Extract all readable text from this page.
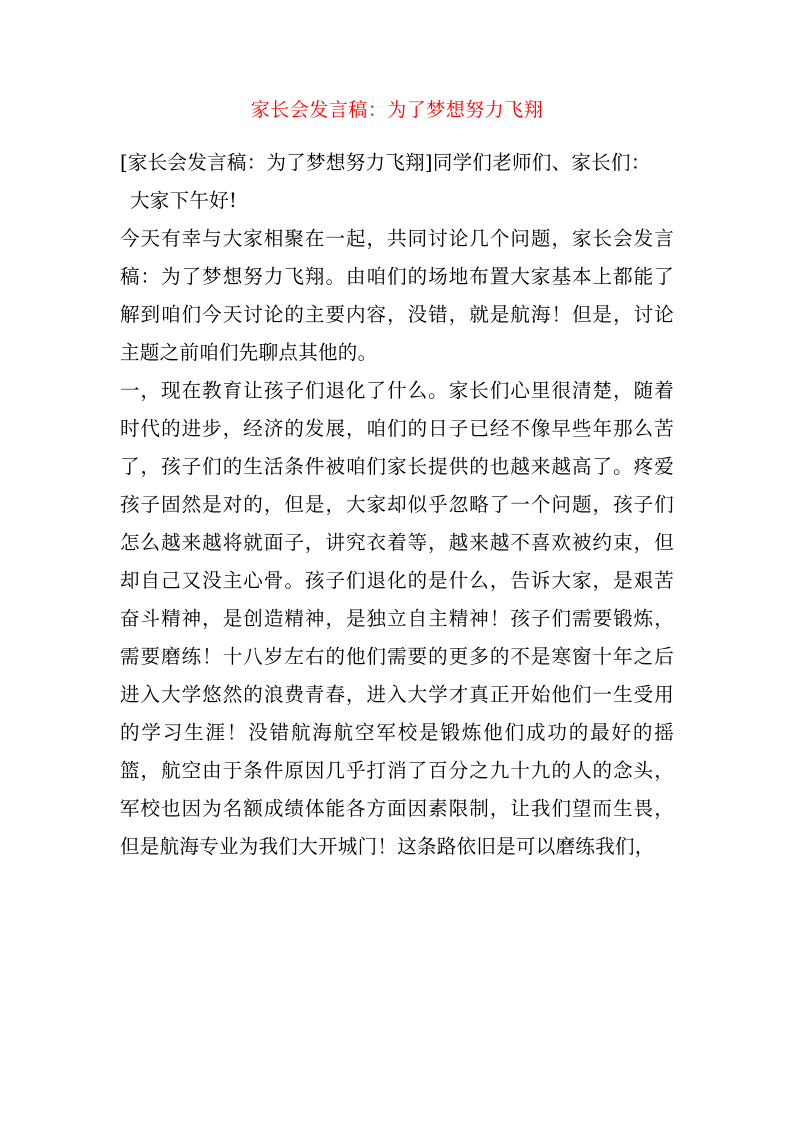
家长会发言稿：为了梦想努力飞翔

[家长会发言稿：为了梦想努力飞翔]同学们老师们、家长们：

大家下午好!

今天有幸与大家相聚在一起，共同讨论几个问题，家长会发言稿：为了梦想努力飞翔。由咱们的场地布置大家基本上都能了解到咱们今天讨论的主要内容，没错，就是航海！但是，讨论主题之前咱们先聊点其他的。

一，现在教育让孩子们退化了什么。家长们心里很清楚，随着时代的进步，经济的发展，咱们的日子已经不像早些年那么苦了，孩子们的生活条件被咱们家长提供的也越来越高了。疼爱孩子固然是对的，但是，大家却似乎忽略了一个问题，孩子们怎么越来越将就面子，讲究衣着等，越来越不喜欢被约束，但却自己又没主心骨。孩子们退化的是什么，告诉大家，是艰苦奋斗精神，是创造精神，是独立自主精神！孩子们需要锻炼，需要磨练！十八岁左右的他们需要的更多的不是寒窗十年之后进入大学悠然的浪费青春，进入大学才真正开始他们一生受用的学习生涯！没错航海航空军校是锻炼他们成功的最好的摇篮，航空由于条件原因几乎打消了百分之九十九的人的念头，军校也因为名额成绩体能各方面因素限制，让我们望而生畏，但是航海专业为我们大开城门！这条路依旧是可以磨练我们，
